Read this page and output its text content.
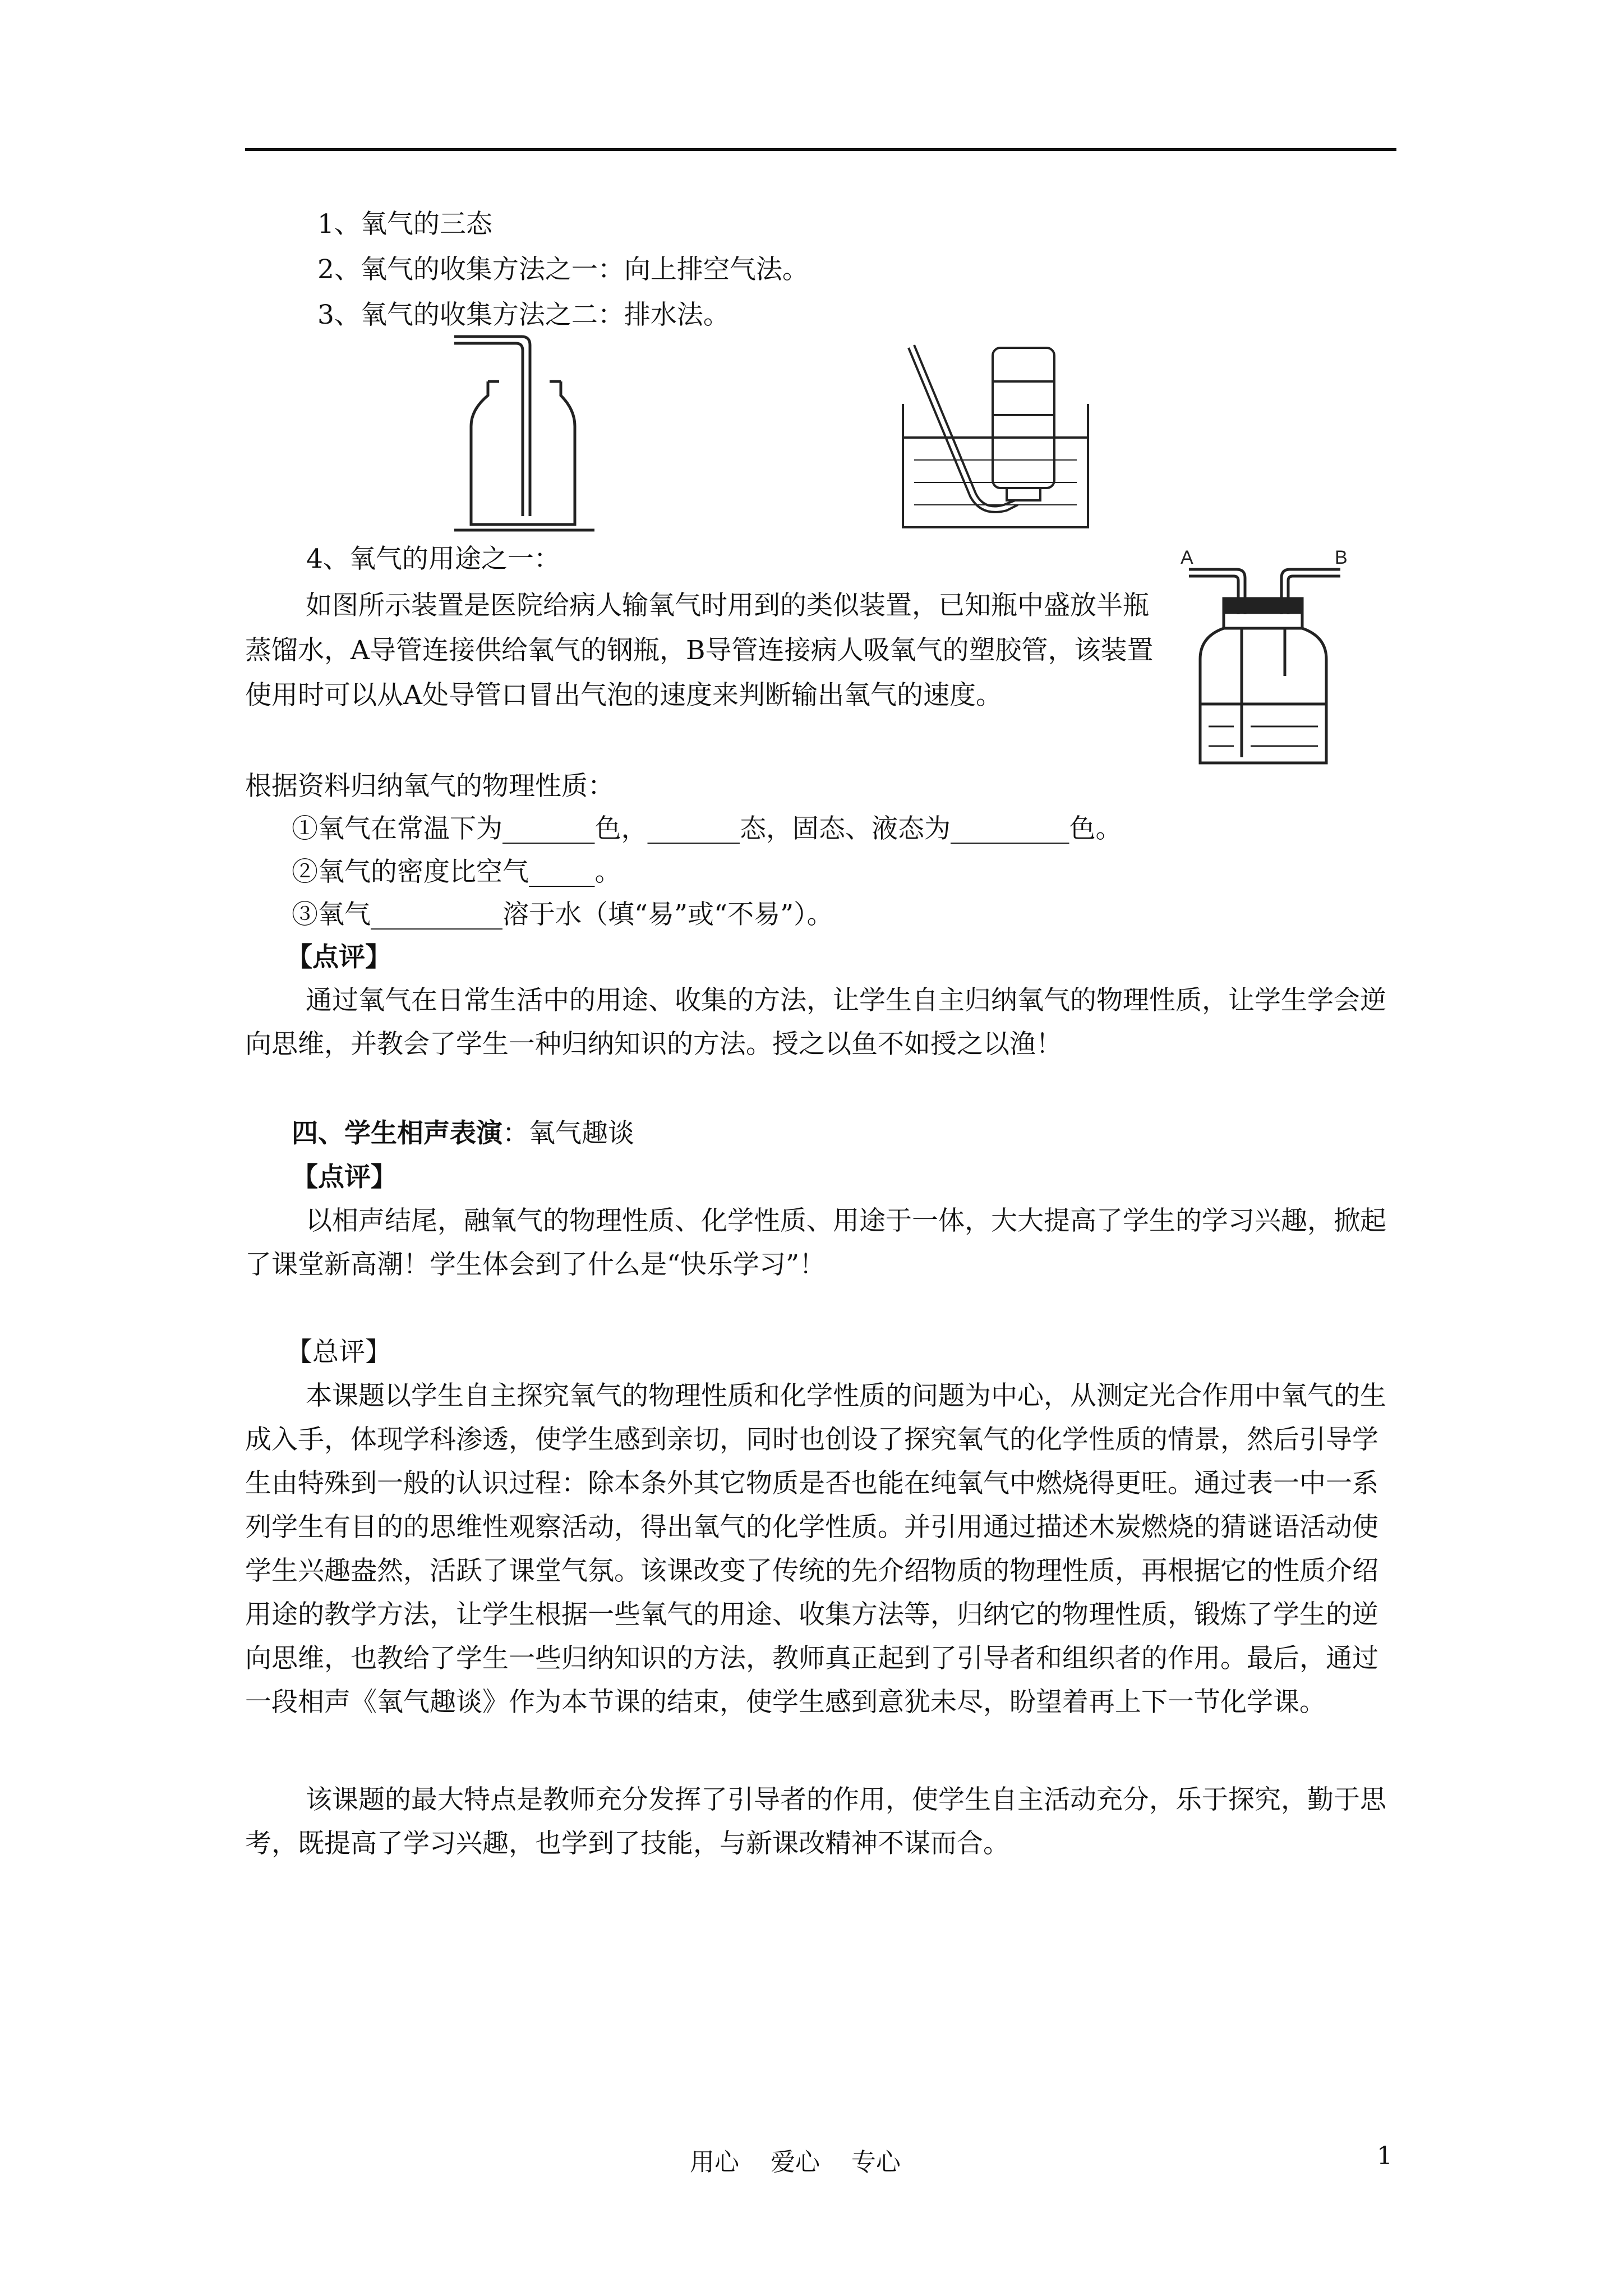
1、氧气的三态
2、氧气的收集方法之一：向上排空气法。
3、氧气的收集方法之二：排水法。
4、氧气的用途之一：	A	B
如图所示装置是医院给病人输氧气时用到的类似装置，已知瓶中盛放半瓶蒸馏水，A导管连接供给氧气的钢瓶，B导管连接病人吸氧气的塑胶管，该装置使用时可以从A处导管口冒出气泡的速度来判断输出氧气的速度。
根据资料归纳氧气的物理性质：
①氧气在常温下为_______色，_______态，固态、液态为_________色。
②氧气的密度比空气_____。
③氧气__________溶于水（填“易”或“不易”）。
【点评】
通过氧气在日常生活中的用途、收集的方法，让学生自主归纳氧气的物理性质，让学生学会逆向思维，并教会了学生一种归纳知识的方法。授之以鱼不如授之以渔！
四、学生相声表演：氧气趣谈
【点评】
以相声结尾，融氧气的物理性质、化学性质、用途于一体，大大提高了学生的学习兴趣，掀起了课堂新高潮！学生体会到了什么是“快乐学习”！
【总评】
本课题以学生自主探究氧气的物理性质和化学性质的问题为中心，从测定光合作用中氧气的生成入手，体现学科渗透，使学生感到亲切，同时也创设了探究氧气的化学性质的情景，然后引导学生由特殊到一般的认识过程：除本条外其它物质是否也能在纯氧气中燃烧得更旺。通过表一中一系列学生有目的的思维性观察活动，得出氧气的化学性质。并引用通过描述木炭燃烧的猜谜语活动使学生兴趣盎然，活跃了课堂气氛。该课改变了传统的先介绍物质的物理性质，再根据它的性质介绍用途的教学方法，让学生根据一些氧气的用途、收集方法等，归纳它的物理性质，锻炼了学生的逆向思维，也教给了学生一些归纳知识的方法，教师真正起到了引导者和组织者的作用。最后，通过一段相声《氧气趣谈》作为本节课的结束，使学生感到意犹未尽，盼望着再上下一节化学课。
该课题的最大特点是教师充分发挥了引导者的作用，使学生自主活动充分，乐于探究，勤于思考，既提高了学习兴趣，也学到了技能，与新课改精神不谋而合。
用心    爱心    专心	1
